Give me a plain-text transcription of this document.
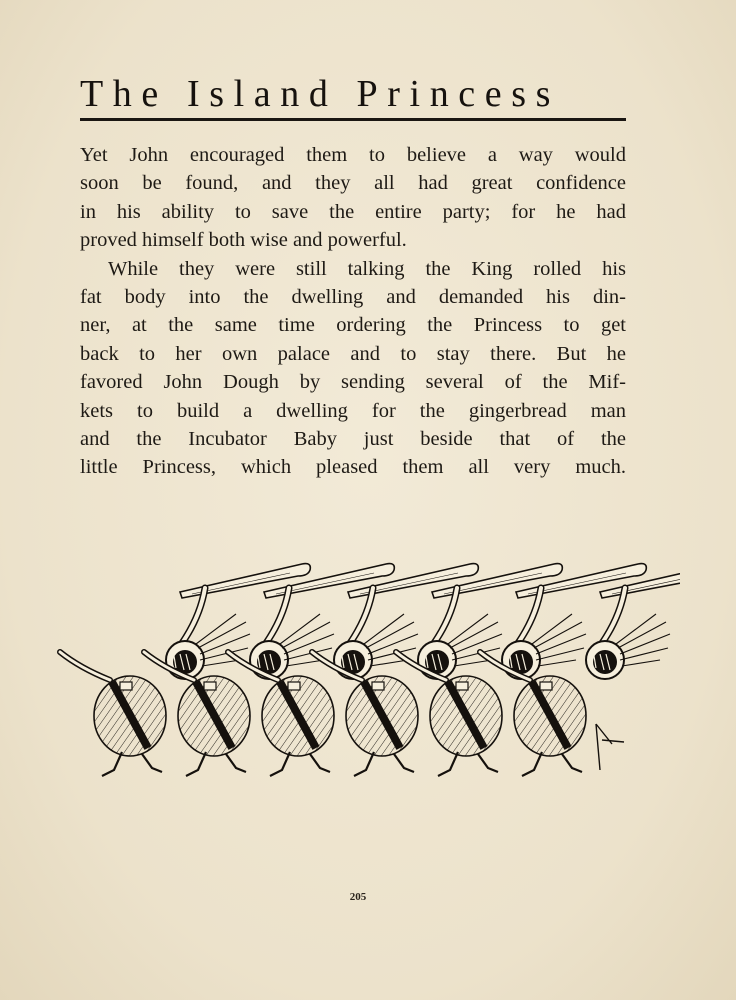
The Island Princess

Yet John encouraged them to believe a way would
soon be found, and they all had great confidence
in his ability to save the entire party; for he had
proved himself both wise and powerful.

While they were still talking the King rolled his
fat body into the dwelling and demanded his din-
ner, at the same time ordering the Princess to get
back to her own palace and to stay there. But he
favored John Dough by sending several of the Mif-
kets to build a dwelling for the gingerbread man
and the Incubator Baby just beside that of the
little Princess, which pleased them all very much.

205
